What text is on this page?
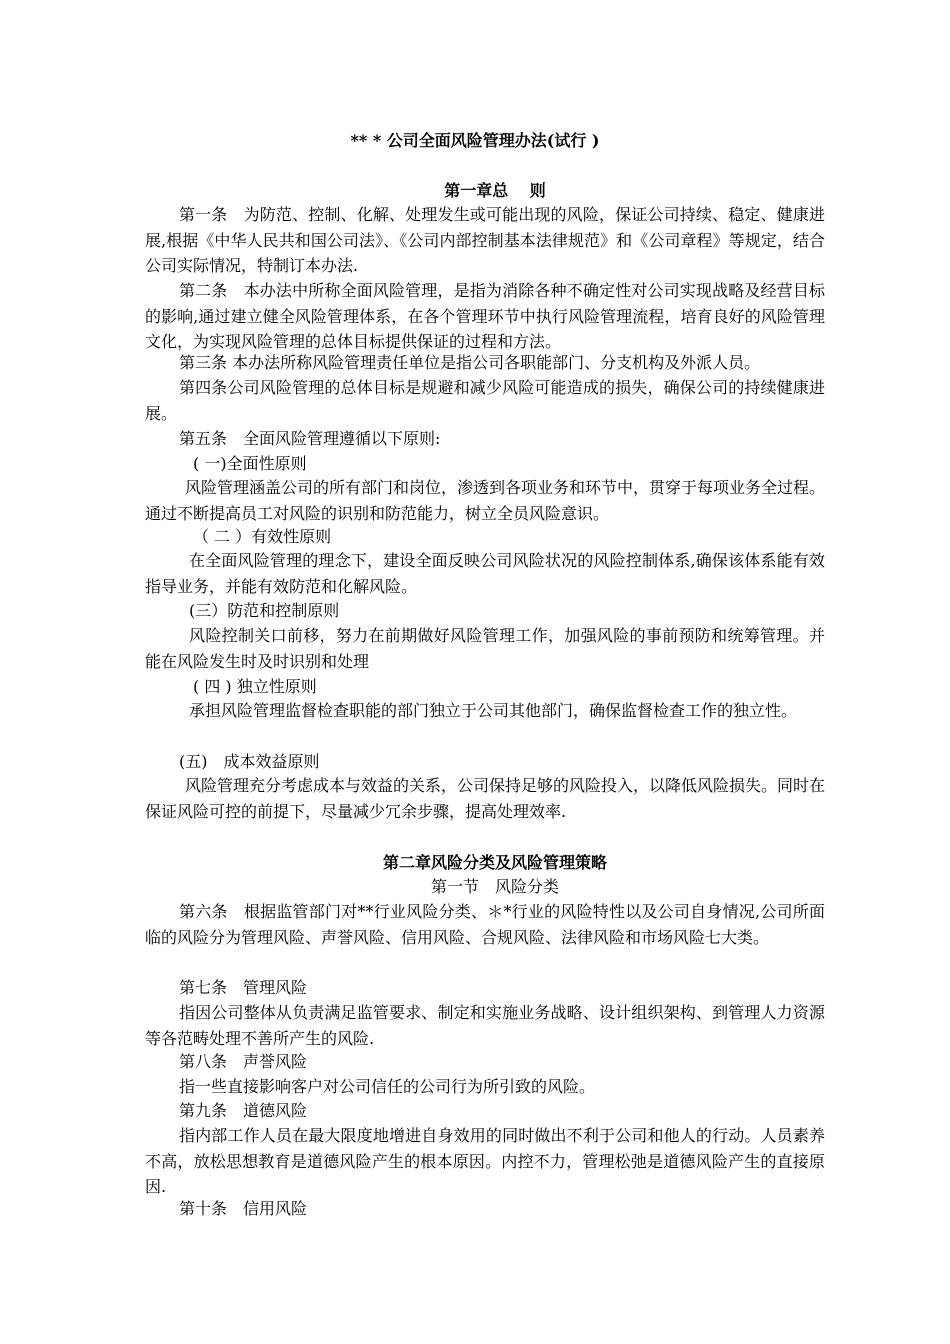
** * 公司全面风险管理办法(试行 )
第一章总　 则

第一条　为防范、控制、化解、处理发生或可能出现的风险，保证公司持续、稳定、健康进展,根据《中华人民共和国公司法》、《公司内部控制基本法律规范》和《公司章程》等规定，结合公司实际情况，特制订本办法.

第二条　本办法中所称全面风险管理，是指为消除各种不确定性对公司实现战略及经营目标的影响,通过建立健全风险管理体系，在各个管理环节中执行风险管理流程，培育良好的风险管理文化，为实现风险管理的总体目标提供保证的过程和方法。

第三条 本办法所称风险管理责任单位是指公司各职能部门、分支机构及外派人员。

第四条公司风险管理的总体目标是规避和减少风险可能造成的损失，确保公司的持续健康进展。

第五条　全面风险管理遵循以下原则:

( 一)全面性原则

风险管理涵盖公司的所有部门和岗位，渗透到各项业务和环节中，贯穿于每项业务全过程。通过不断提高员工对风险的识别和防范能力，树立全员风险意识。

（ 二 ）有效性原则

在全面风险管理的理念下，建设全面反映公司风险状况的风险控制体系,确保该体系能有效指导业务，并能有效防范和化解风险。

(三）防范和控制原则

风险控制关口前移，努力在前期做好风险管理工作，加强风险的事前预防和统筹管理。并能在风险发生时及时识别和处理

( 四 ) 独立性原则

承担风险管理监督检查职能的部门独立于公司其他部门，确保监督检查工作的独立性。

(五)　成本效益原则

风险管理充分考虑成本与效益的关系，公司保持足够的风险投入，以降低风险损失。同时在保证风险可控的前提下，尽量减少冗余步骤，提高处理效率.

第二章风险分类及风险管理策略
第一节　风险分类

第六条　根据监管部门对**行业风险分类、＊*行业的风险特性以及公司自身情况,公司所面临的风险分为管理风险、声誉风险、信用风险、合规风险、法律风险和市场风险七大类。

第七条　管理风险

指因公司整体从负责满足监管要求、制定和实施业务战略、设计组织架构、到管理人力资源等各范畴处理不善所产生的风险.

第八条　声誉风险

指一些直接影响客户对公司信任的公司行为所引致的风险。

第九条　道德风险

指内部工作人员在最大限度地增进自身效用的同时做出不利于公司和他人的行动。人员素养不高，放松思想教育是道德风险产生的根本原因。内控不力，管理松弛是道德风险产生的直接原因.

第十条　信用风险
